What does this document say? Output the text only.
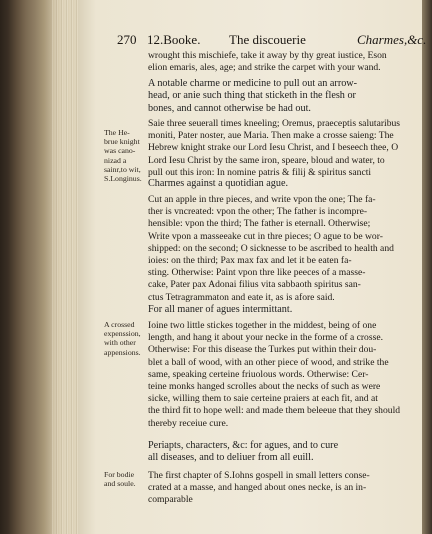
270 12.Booke. The discouerie	Charmes,&c.
wrought this mischiefe, take it away by thy great iustice, Eson
elion emaris, ales, age; and strike the carpet with your wand.
A notable charme or medicine to pull out an arrow-
head, or anie such thing that sticketh in the flesh or
bones, and cannot otherwise be had out.
Saie three seuerall times kneeling; Oremus, praeceptis salutaribus
moniti, Pater noster, aue Maria. Then make a crosse saieng: The
Hebrew knight strake our Lord Iesu Christ, and I beseech thee, O
Lord Iesu Christ by the same iron, speare, bloud and water, to
pull out this iron: In nomine patris & filij & spiritus sancti
The He-
brue knight
was cano-
nizad a
sainr,to wit,
S.Longinus. Charmes against a quotidian ague.
Cut an apple in thre pieces, and write vpon the one; The fa-
ther is vncreated: vpon the other; The father is incompre-
hensible: vpon the third; The father is eternall. Otherwise;
Write vpon a masseeake cut in thre pieces; O ague to be wor-
shipped: on the second; O sicknesse to be ascribed to health and
ioies: on the third; Pax max fax and let it be eaten fa-
sting. Otherwise: Paint vpon thre like peeces of a masse-
cake, Pater pax Adonai filius vita sabbaoth spiritus san-
ctus Tetragrammaton and eate it, as is afore said.
For all maner of agues intermittant.
Ioine two little stickes together in the middest, being of one
length, and hang it about your necke in the forme of a crosse.
Otherwise: For this disease the Turkes put within their dou-
blet a ball of wood, with an other piece of wood, and strike the
same, speaking certeine friuolous words. Otherwise: Cer-
teine monks hanged scrolles about the necks of such as were
sicke, willing them to saie certeine praiers at each fit, and at
the third fit to hope well: and made them beleeue that they should
thereby receiue cure.
A crossed
expenssion,
with other
appensions.
Periapts, characters, &c: for agues, and to cure
all diseases, and to deliuer from all euill.
The first chapter of S.Iohns gospell in small letters conse-
crated at a masse, and hanged about ones necke, is an in-
comparable
For bodie
and soule.
